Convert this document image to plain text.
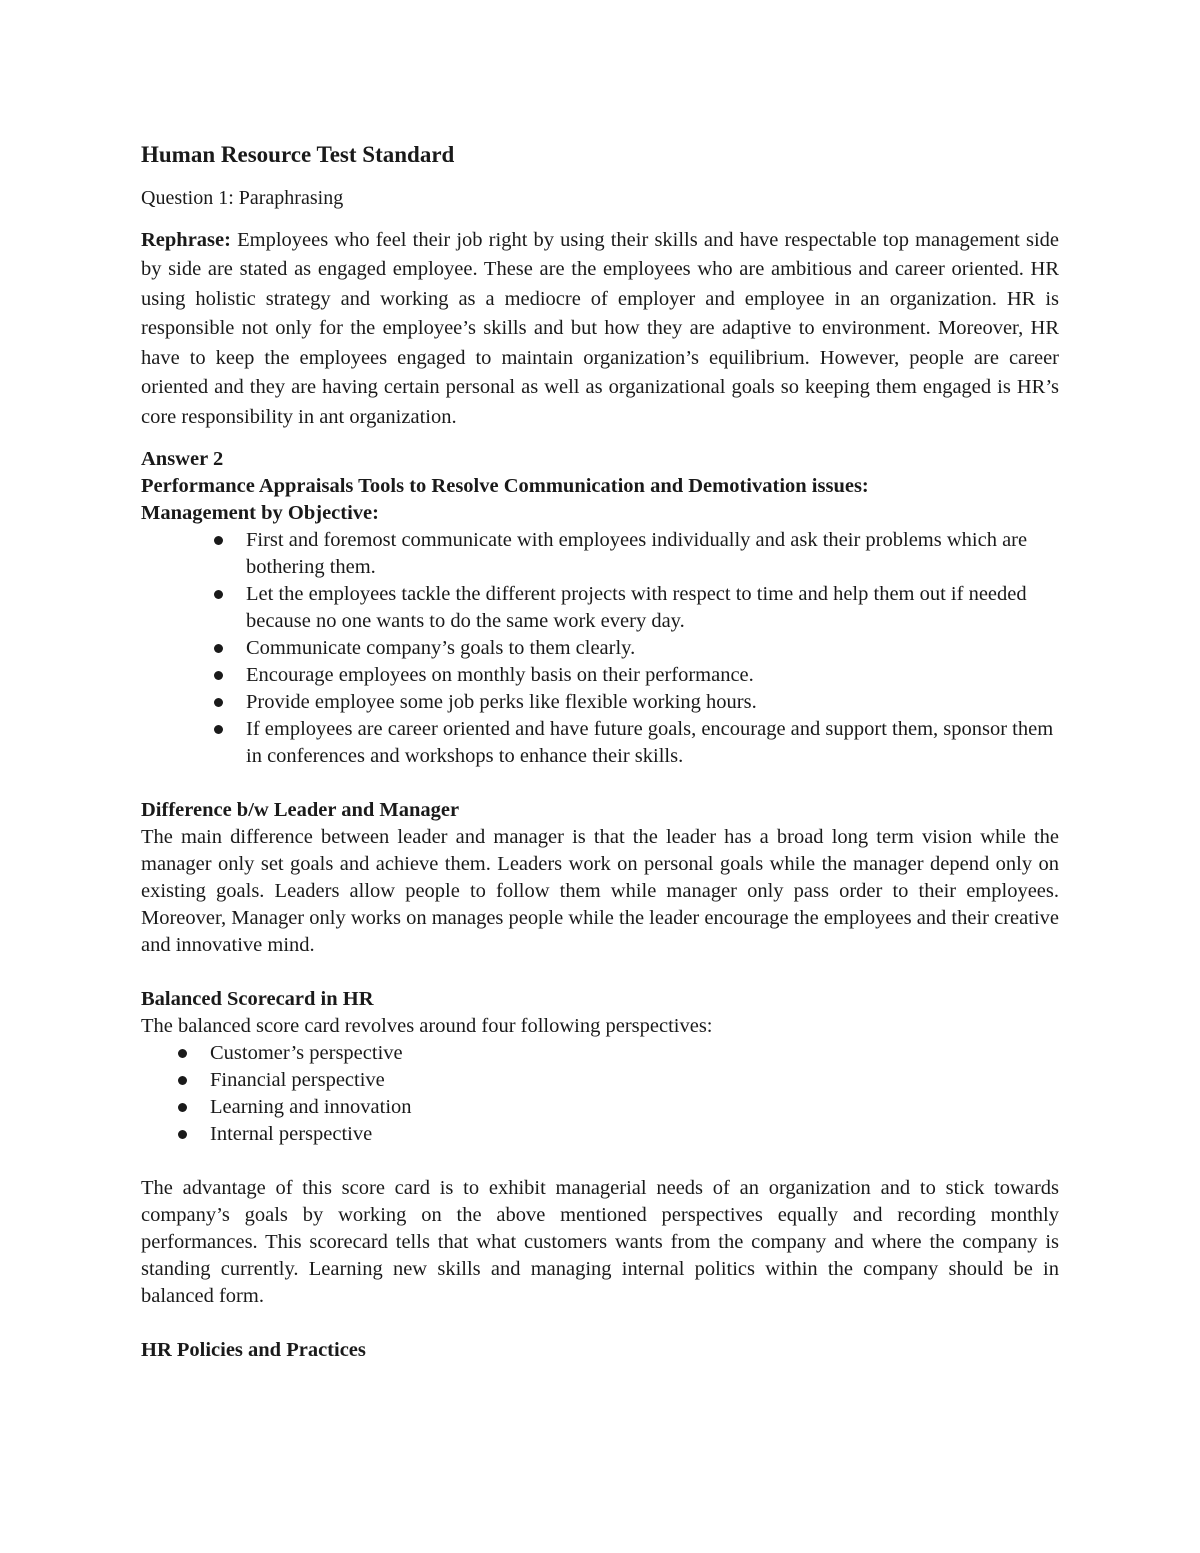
Human Resource Test Standard

Question 1: Paraphrasing

Rephrase: Employees who feel their job right by using their skills and have respectable top management side by side are stated as engaged employee. These are the employees who are ambitious and career oriented. HR using holistic strategy and working as a mediocre of employer and employee in an organization. HR is responsible not only for the employee’s skills and but how they are adaptive to environment. Moreover, HR have to keep the employees engaged to maintain organization’s equilibrium. However, people are career oriented and they are having certain personal as well as organizational goals so keeping them engaged is HR’s core responsibility in ant organization.

Answer 2

Performance Appraisals Tools to Resolve Communication and Demotivation issues:

Management by Objective:

First and foremost communicate with employees individually and ask their problems which are bothering them.
Let the employees tackle the different projects with respect to time and help them out if needed because no one wants to do the same work every day.
Communicate company’s goals to them clearly.
Encourage employees on monthly basis on their performance.
Provide employee some job perks like flexible working hours.
If employees are career oriented and have future goals, encourage and support them, sponsor them in conferences and workshops to enhance their skills.

Difference b/w Leader and Manager

The main difference between leader and manager is that the leader has a broad long term vision while the manager only set goals and achieve them. Leaders work on personal goals while the manager depend only on existing goals. Leaders allow people to follow them while manager only pass order to their employees. Moreover, Manager only works on manages people while the leader encourage the employees and their creative and innovative mind.

Balanced Scorecard in HR

The balanced score card revolves around four following perspectives:

Customer’s perspective
Financial perspective
Learning and innovation
Internal perspective

The advantage of this score card is to exhibit managerial needs of an organization and to stick towards company’s goals by working on the above mentioned perspectives equally and recording monthly performances. This scorecard tells that what customers wants from the company and where the company is standing currently. Learning new skills and managing internal politics within the company should be in balanced form.

HR Policies and Practices
